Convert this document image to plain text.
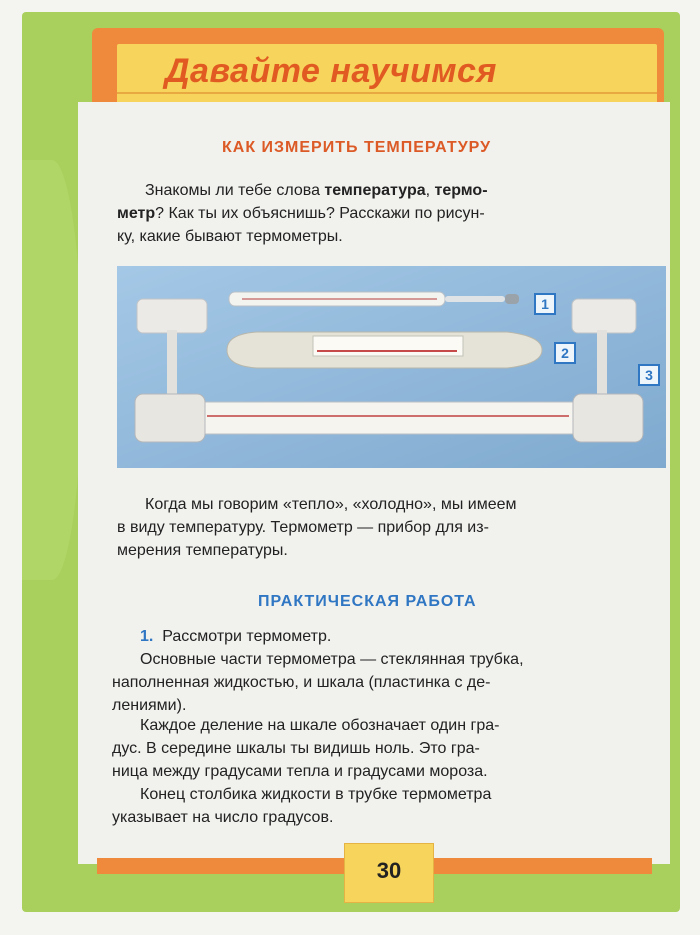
Давайте научимся
КАК ИЗМЕРИТЬ ТЕМПЕРАТУРУ
Знакомы ли тебе слова температура, термо-
метр? Как ты их объяснишь? Расскажи по рисун-
ку, какие бывают термометры.
1
2
3
Когда мы говорим «тепло», «холодно», мы имеем
в виду температуру. Термометр — прибор для из-
мерения температуры.
ПРАКТИЧЕСКАЯ РАБОТА
1. Рассмотри термометр.
Основные части термометра — стеклянная трубка,
наполненная жидкостью, и шкала (пластинка с де-
лениями).
Каждое деление на шкале обозначает один гра-
дус. В середине шкалы ты видишь ноль. Это гра-
ница между градусами тепла и градусами мороза.
Конец столбика жидкости в трубке термометра
указывает на число градусов.
30
